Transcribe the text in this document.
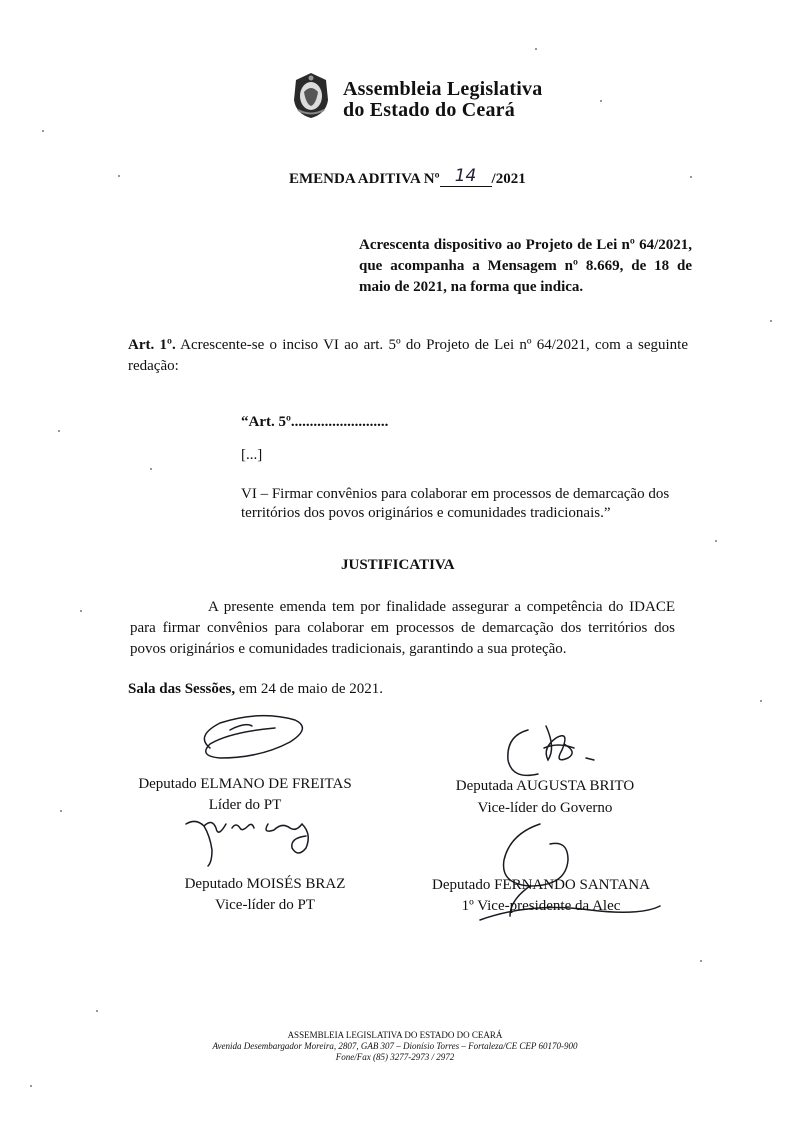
Assembleia Legislativa
do Estado do Ceará
EMENDA ADITIVA Nº 14 /2021
Acrescenta dispositivo ao Projeto de Lei nº 64/2021, que acompanha a Mensagem nº 8.669, de 18 de maio de 2021, na forma que indica.
Art. 1º. Acrescente-se o inciso VI ao art. 5º do Projeto de Lei nº 64/2021, com a seguinte redação:
“Art. 5º..........................
[...]
VI – Firmar convênios para colaborar em processos de demarcação dos territórios dos povos originários e comunidades tradicionais.”
JUSTIFICATIVA
A presente emenda tem por finalidade assegurar a competência do IDACE para firmar convênios para colaborar em processos de demarcação dos territórios dos povos originários e comunidades tradicionais, garantindo a sua proteção.
Sala das Sessões, em 24 de maio de 2021.
Deputado ELMANO DE FREITAS
Líder do PT
Deputada AUGUSTA BRITO
Vice-líder do Governo
Deputado MOISÉS BRAZ
Vice-líder do PT
Deputado FERNANDO SANTANA
1º Vice-presidente da Alec
ASSEMBLEIA LEGISLATIVA DO ESTADO DO CEARÁ
Avenida Desembargador Moreira, 2807, GAB 307 – Dionísio Torres – Fortaleza/CE CEP 60170-900
Fone/Fax (85) 3277-2973 / 2972
